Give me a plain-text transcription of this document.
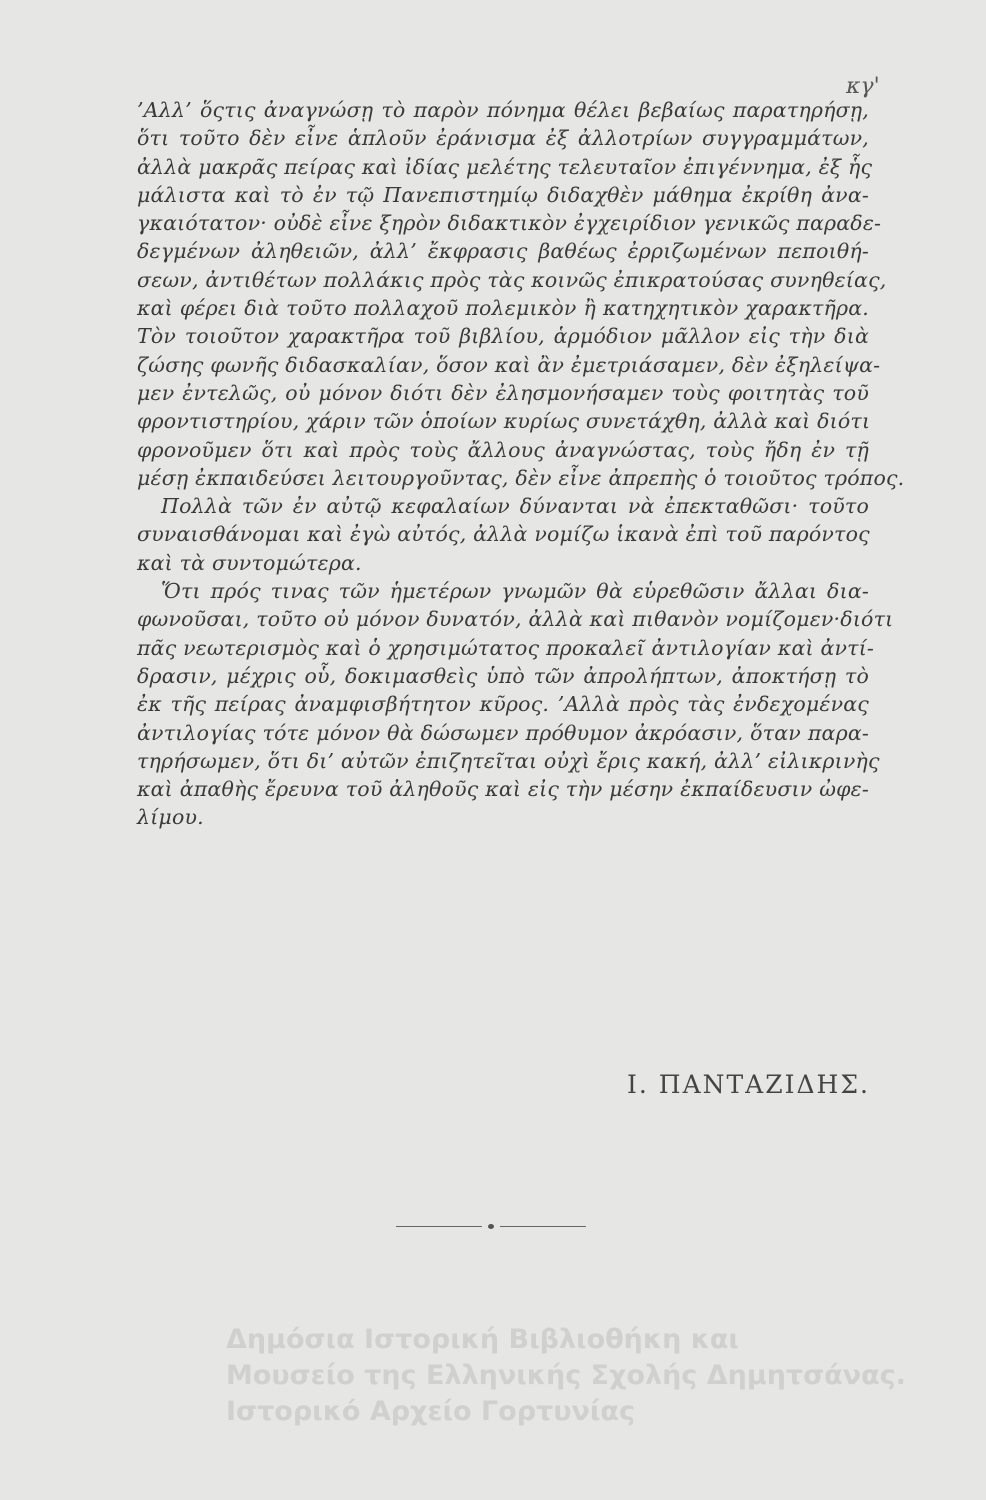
κγ'
’Αλλ’ ὅςτις ἀναγνώσῃ τὸ παρὸν πόνημα θέλει βεβαίως παρατηρήσῃ,
ὅτι τοῦτο δὲν εἶνε ἁπλοῦν ἐράνισμα ἐξ ἀλλοτρίων συγγραμμάτων,
ἀλλὰ μακρᾶς πείρας καὶ ἰδίας μελέτης τελευταῖον ἐπιγέννημα, ἐξ ἧς
μάλιστα καὶ τὸ ἐν τῷ Πανεπιστημίῳ διδαχθὲν μάθημα ἐκρίθη ἀνα-
γκαιότατον· οὐδὲ εἶνε ξηρὸν διδακτικὸν ἐγχειρίδιον γενικῶς παραδε-
δεγμένων ἀληθειῶν, ἀλλ’ ἔκφρασις βαθέως ἐρριζωμένων πεποιθή-
σεων, ἀντιθέτων πολλάκις πρὸς τὰς κοινῶς ἐπικρατούσας συνηθείας,
καὶ φέρει διὰ τοῦτο πολλαχοῦ πολεμικὸν ἢ κατηχητικὸν χαρακτῆρα.
Τὸν τοιοῦτον χαρακτῆρα τοῦ βιβλίου, ἁρμόδιον μᾶλλον εἰς τὴν διὰ
ζώσης φωνῆς διδασκαλίαν, ὅσον καὶ ἂν ἐμετριάσαμεν, δὲν ἐξηλείψα-
μεν ἐντελῶς, οὐ μόνον διότι δὲν ἐλησμονήσαμεν τοὺς φοιτητὰς τοῦ
φροντιστηρίου, χάριν τῶν ὁποίων κυρίως συνετάχθη, ἀλλὰ καὶ διότι
φρονοῦμεν ὅτι καὶ πρὸς τοὺς ἄλλους ἀναγνώστας, τοὺς ἤδη ἐν τῇ
μέσῃ ἐκπαιδεύσει λειτουργοῦντας, δὲν εἶνε ἀπρεπὴς ὁ τοιοῦτος τρόπος.
Πολλὰ τῶν ἐν αὐτῷ κεφαλαίων δύνανται νὰ ἐπεκταθῶσι· τοῦτο
συναισθάνομαι καὶ ἐγὼ αὐτός, ἀλλὰ νομίζω ἱκανὰ ἐπὶ τοῦ παρόντος
καὶ τὰ συντομώτερα.
Ὅτι πρός τινας τῶν ἡμετέρων γνωμῶν θὰ εὑρεθῶσιν ἄλλαι δια-
φωνοῦσαι, τοῦτο οὐ μόνον δυνατόν, ἀλλὰ καὶ πιθανὸν νομίζομεν·διότι
πᾶς νεωτερισμὸς καὶ ὁ χρησιμώτατος προκαλεῖ ἀντιλογίαν καὶ ἀντί-
δρασιν, μέχρις οὗ, δοκιμασθεὶς ὑπὸ τῶν ἀπρολήπτων, ἀποκτήσῃ τὸ
ἐκ τῆς πείρας ἀναμφισβήτητον κῦρος. ’Αλλὰ πρὸς τὰς ἐνδεχομένας
ἀντιλογίας τότε μόνον θὰ δώσωμεν πρόθυμον ἀκρόασιν, ὅταν παρα-
τηρήσωμεν, ὅτι δι’ αὐτῶν ἐπιζητεῖται οὐχὶ ἔρις κακή, ἀλλ’ εἰλικρινὴς
καὶ ἀπαθὴς ἔρευνα τοῦ ἀληθοῦς καὶ εἰς τὴν μέσην ἐκπαίδευσιν ὠφε-
λίμου.
Ι. ΠΑΝΤΑΖΙΔΗΣ.
Δημόσια Ιστορική Βιβλιοθήκη και
Μουσείο της Ελληνικής Σχολής Δημητσάνας.
Ιστορικό Αρχείο Γορτυνίας
